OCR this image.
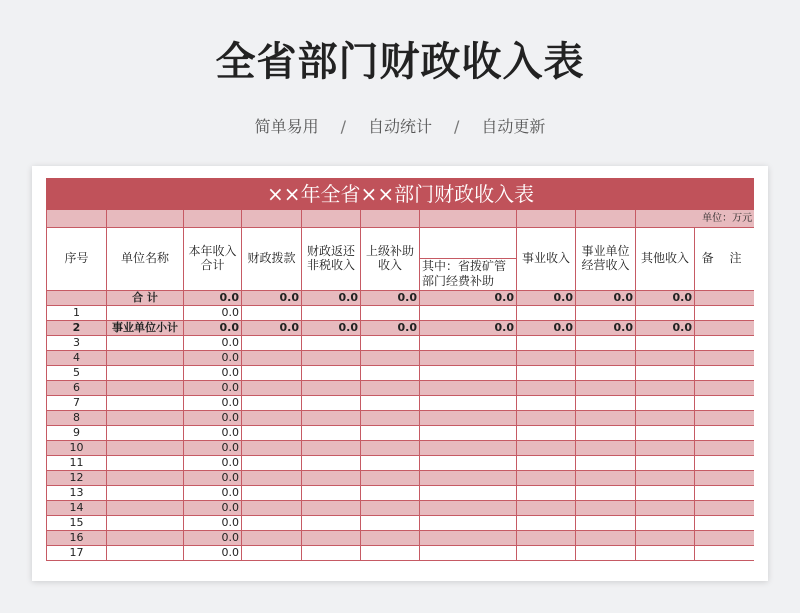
全省部门财政收入表
简单易用 / 自动统计 / 自动更新
××年全省××部门财政收入表										
									单位：万元	
序号	单位名称	本年收入合计	财政拨款	财政返还非税收入	上级补助收入	其中：省拨矿管部门经费补助	事业收入	事业单位经营收入	其他收入	备 注
	合 计	0.0	0.0	0.0	0.0	0.0	0.0	0.0	0.0	
1		0.0								
2	事业单位小计	0.0	0.0	0.0	0.0	0.0	0.0	0.0	0.0	
3		0.0								
4		0.0								
5		0.0								
6		0.0								
7		0.0								
8		0.0								
9		0.0								
10		0.0								
11		0.0								
12		0.0								
13		0.0								
14		0.0								
15		0.0								
16		0.0								
17		0.0								
